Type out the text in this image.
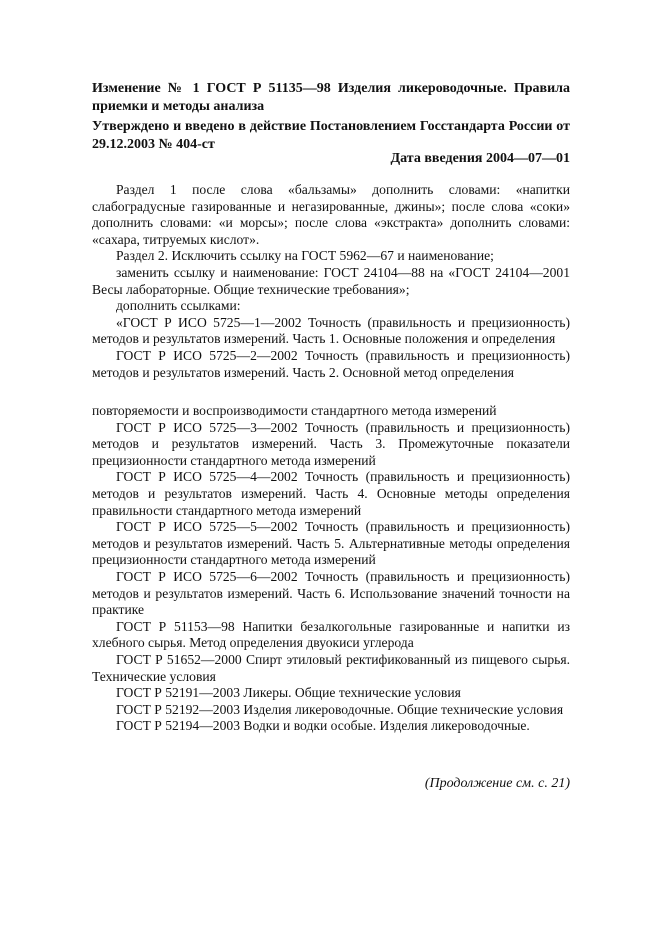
Изменение № 1 ГОСТ Р 51135—98 Изделия ликероводочные. Правила приемки и методы анализа
Утверждено и введено в действие Постановлением Госстандарта России от 29.12.2003 № 404-ст
Дата введения 2004—07—01

Раздел 1 после слова «бальзамы» дополнить словами: «напитки слабоградусные газированные и негазированные, джины»; после слова «соки» дополнить словами: «и морсы»; после слова «экстракта» дополнить словами: «сахара, титруемых кислот».

Раздел 2. Исключить ссылку на ГОСТ 5962—67 и наименование;

заменить ссылку и наименование: ГОСТ 24104—88 на «ГОСТ 24104—2001 Весы лабораторные. Общие технические требования»;

дополнить ссылками:

«ГОСТ Р ИСО 5725—1—2002 Точность (правильность и прецизионность) методов и результатов измерений. Часть 1. Основные положения и определения

ГОСТ Р ИСО 5725—2—2002 Точность (правильность и прецизионность) методов и результатов измерений. Часть 2. Основной метод определения

повторяемости и воспроизводимости стандартного метода измерений

ГОСТ Р ИСО 5725—3—2002 Точность (правильность и прецизионность) методов и результатов измерений. Часть 3. Промежуточные показатели прецизионности стандартного метода измерений

ГОСТ Р ИСО 5725—4—2002 Точность (правильность и прецизионность) методов и результатов измерений. Часть 4. Основные методы определения правильности стандартного метода измерений

ГОСТ Р ИСО 5725—5—2002 Точность (правильность и прецизионность) методов и результатов измерений. Часть 5. Альтернативные методы определения прецизионности стандартного метода измерений

ГОСТ Р ИСО 5725—6—2002 Точность (правильность и прецизионность) методов и результатов измерений. Часть 6. Использование значений точности на практике

ГОСТ Р 51153—98 Напитки безалкогольные газированные и напитки из хлебного сырья. Метод определения двуокиси углерода

ГОСТ Р 51652—2000 Спирт этиловый ректификованный из пищевого сырья. Технические условия

ГОСТ Р 52191—2003 Ликеры. Общие технические условия

ГОСТ Р 52192—2003 Изделия ликероводочные. Общие технические условия

ГОСТ Р 52194—2003 Водки и водки особые. Изделия ликероводочные.

(Продолжение см. с. 21)
